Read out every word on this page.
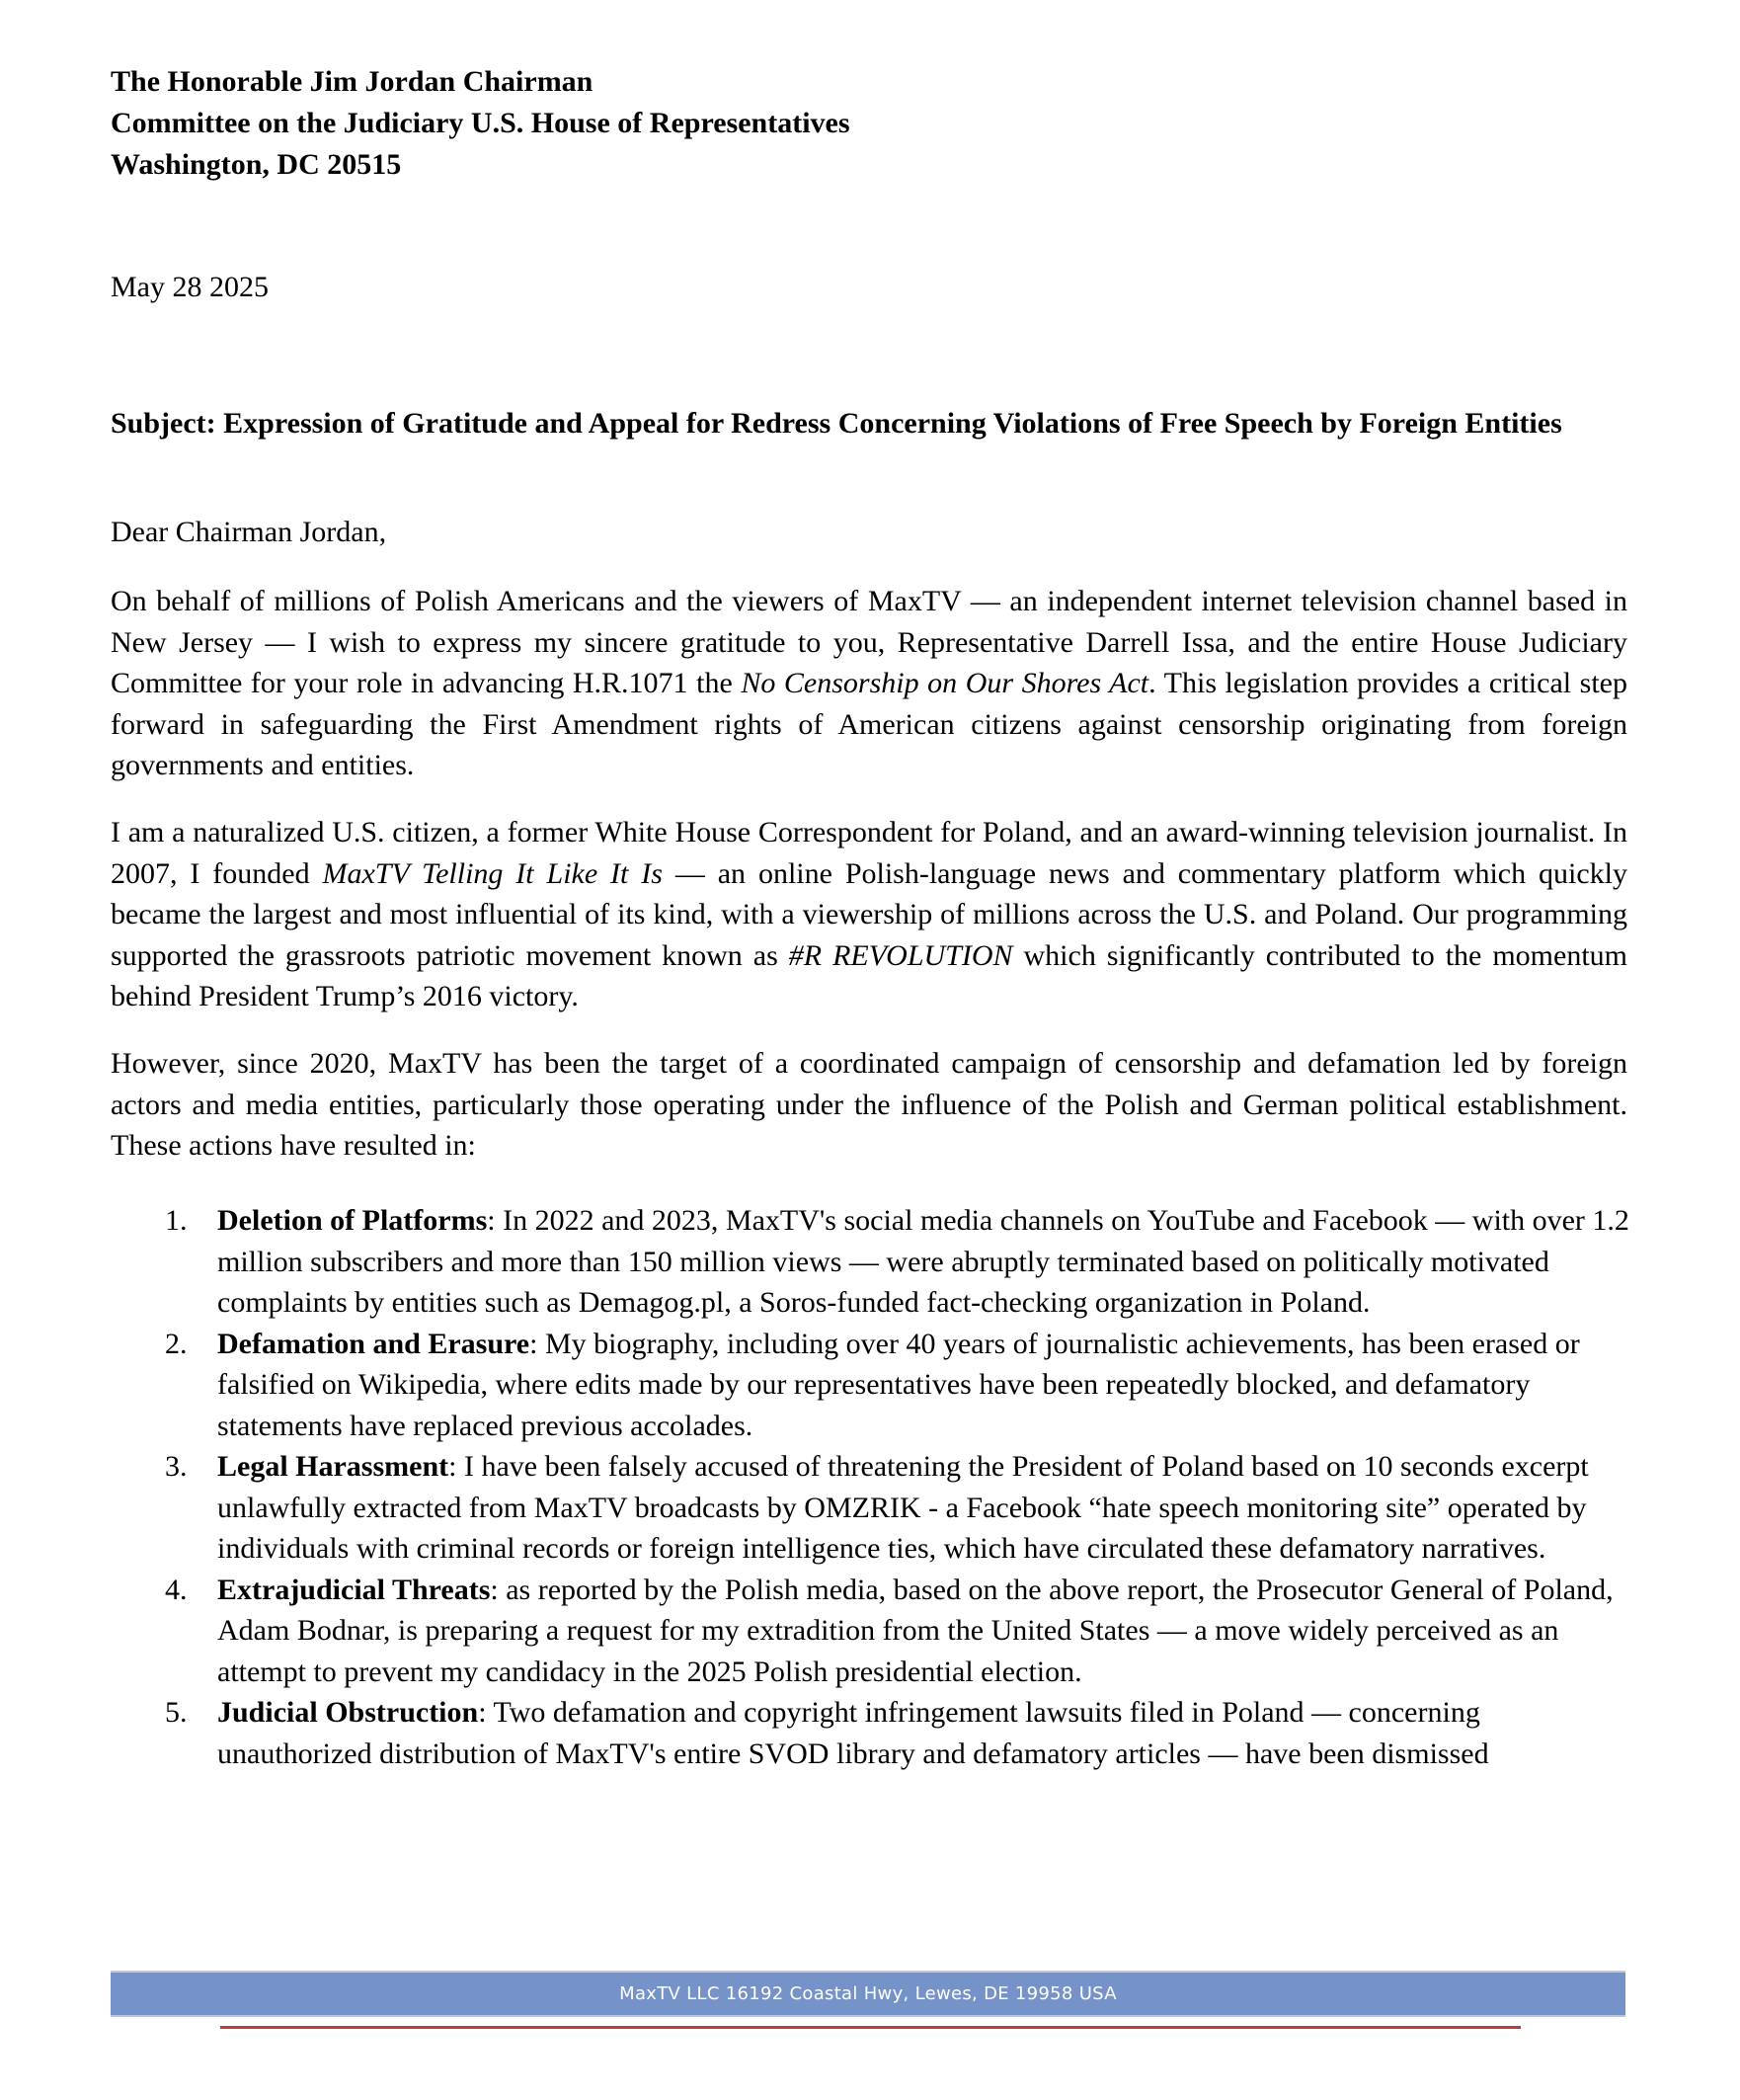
The Honorable Jim Jordan Chairman
Committee on the Judiciary U.S. House of Representatives
Washington, DC 20515
May 28 2025
Subject: Expression of Gratitude and Appeal for Redress Concerning Violations of Free Speech by Foreign Entities
Dear Chairman Jordan,
On behalf of millions of Polish Americans and the viewers of MaxTV — an independent internet television channel based in New Jersey — I wish to express my sincere gratitude to you, Representative Darrell Issa, and the entire House Judiciary Committee for your role in advancing H.R.1071 the No Censorship on Our Shores Act. This legislation provides a critical step forward in safeguarding the First Amendment rights of American citizens against censorship originating from foreign governments and entities.
I am a naturalized U.S. citizen, a former White House Correspondent for Poland, and an award-winning television journalist. In 2007, I founded MaxTV Telling It Like It Is — an online Polish-language news and commentary platform which quickly became the largest and most influential of its kind, with a viewership of millions across the U.S. and Poland. Our programming supported the grassroots patriotic movement known as #R REVOLUTION which significantly contributed to the momentum behind President Trump’s 2016 victory.
However, since 2020, MaxTV has been the target of a coordinated campaign of censorship and defamation led by foreign actors and media entities, particularly those operating under the influence of the Polish and German political establishment. These actions have resulted in:
1. Deletion of Platforms: In 2022 and 2023, MaxTV's social media channels on YouTube and Facebook — with over 1.2 million subscribers and more than 150 million views — were abruptly terminated based on politically motivated complaints by entities such as Demagog.pl, a Soros-funded fact-checking organization in Poland.
2. Defamation and Erasure: My biography, including over 40 years of journalistic achievements, has been erased or falsified on Wikipedia, where edits made by our representatives have been repeatedly blocked, and defamatory statements have replaced previous accolades.
3. Legal Harassment: I have been falsely accused of threatening the President of Poland based on 10 seconds excerpt unlawfully extracted from MaxTV broadcasts by OMZRIK - a Facebook “hate speech monitoring site” operated by individuals with criminal records or foreign intelligence ties, which have circulated these defamatory narratives.
4. Extrajudicial Threats: as reported by the Polish media, based on the above report, the Prosecutor General of Poland, Adam Bodnar, is preparing a request for my extradition from the United States — a move widely perceived as an attempt to prevent my candidacy in the 2025 Polish presidential election.
5. Judicial Obstruction: Two defamation and copyright infringement lawsuits filed in Poland — concerning unauthorized distribution of MaxTV's entire SVOD library and defamatory articles — have been dismissed
MaxTV LLC 16192 Coastal Hwy, Lewes, DE 19958 USA
